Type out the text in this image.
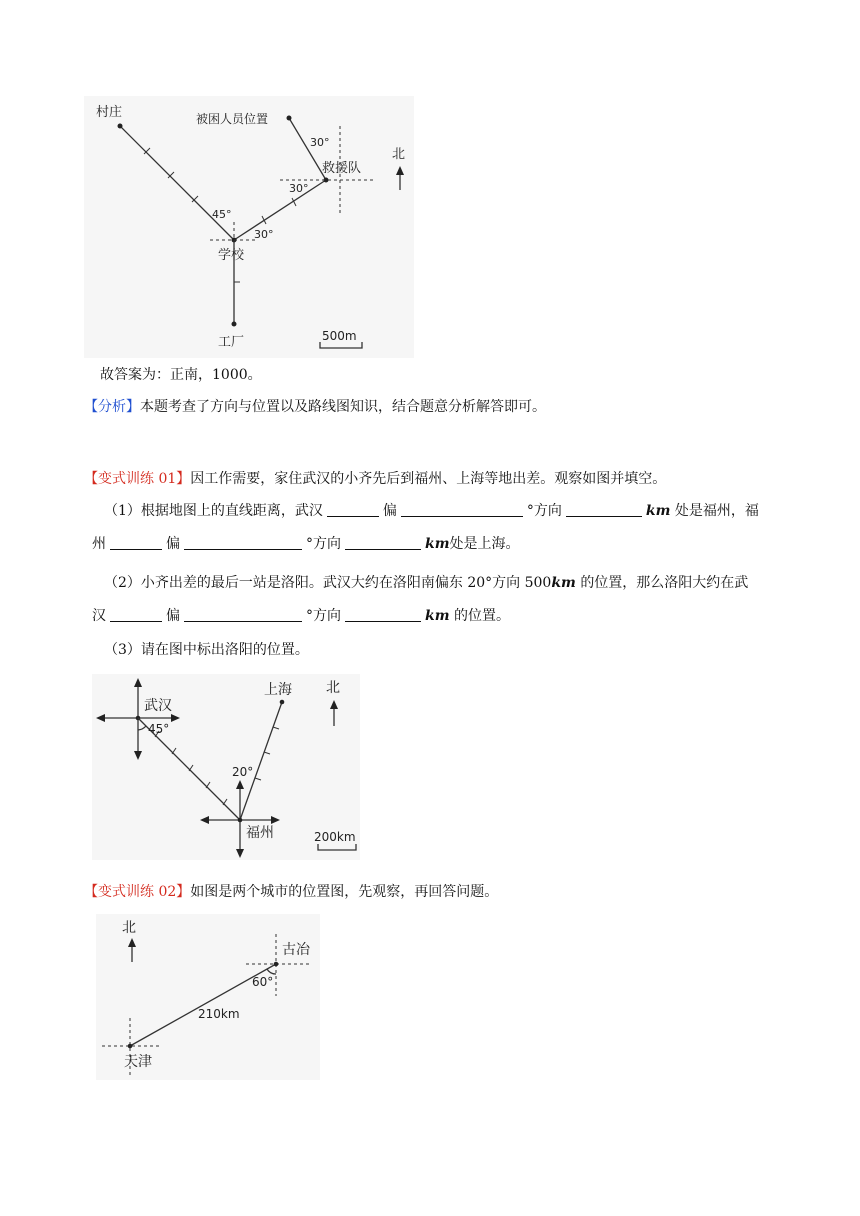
村庄	被困人员位置
救援队
北
学校
工厂	500m
30°
30°
45°
30°
故答案为：正南，1000。
【分析】本题考查了方向与位置以及路线图知识，结合题意分析解答即可。
【变式训练 01】因工作需要，家住武汉的小齐先后到福州、上海等地出差。观察如图并填空。
（1）根据地图上的直线距离，武汉	偏	°方向	km 处是福州，福
州	偏	°方向	km处是上海。
（2）小齐出差的最后一站是洛阳。武汉大约在洛阳南偏东 20°方向 500km 的位置，那么洛阳大约在武
汉	偏	°方向	km 的位置。
（3）请在图中标出洛阳的位置。
武汉
上海 北
福州	200km
45°
20°
【变式训练 02】如图是两个城市的位置图，先观察，再回答问题。
北
古冶
天津
210km
60°
